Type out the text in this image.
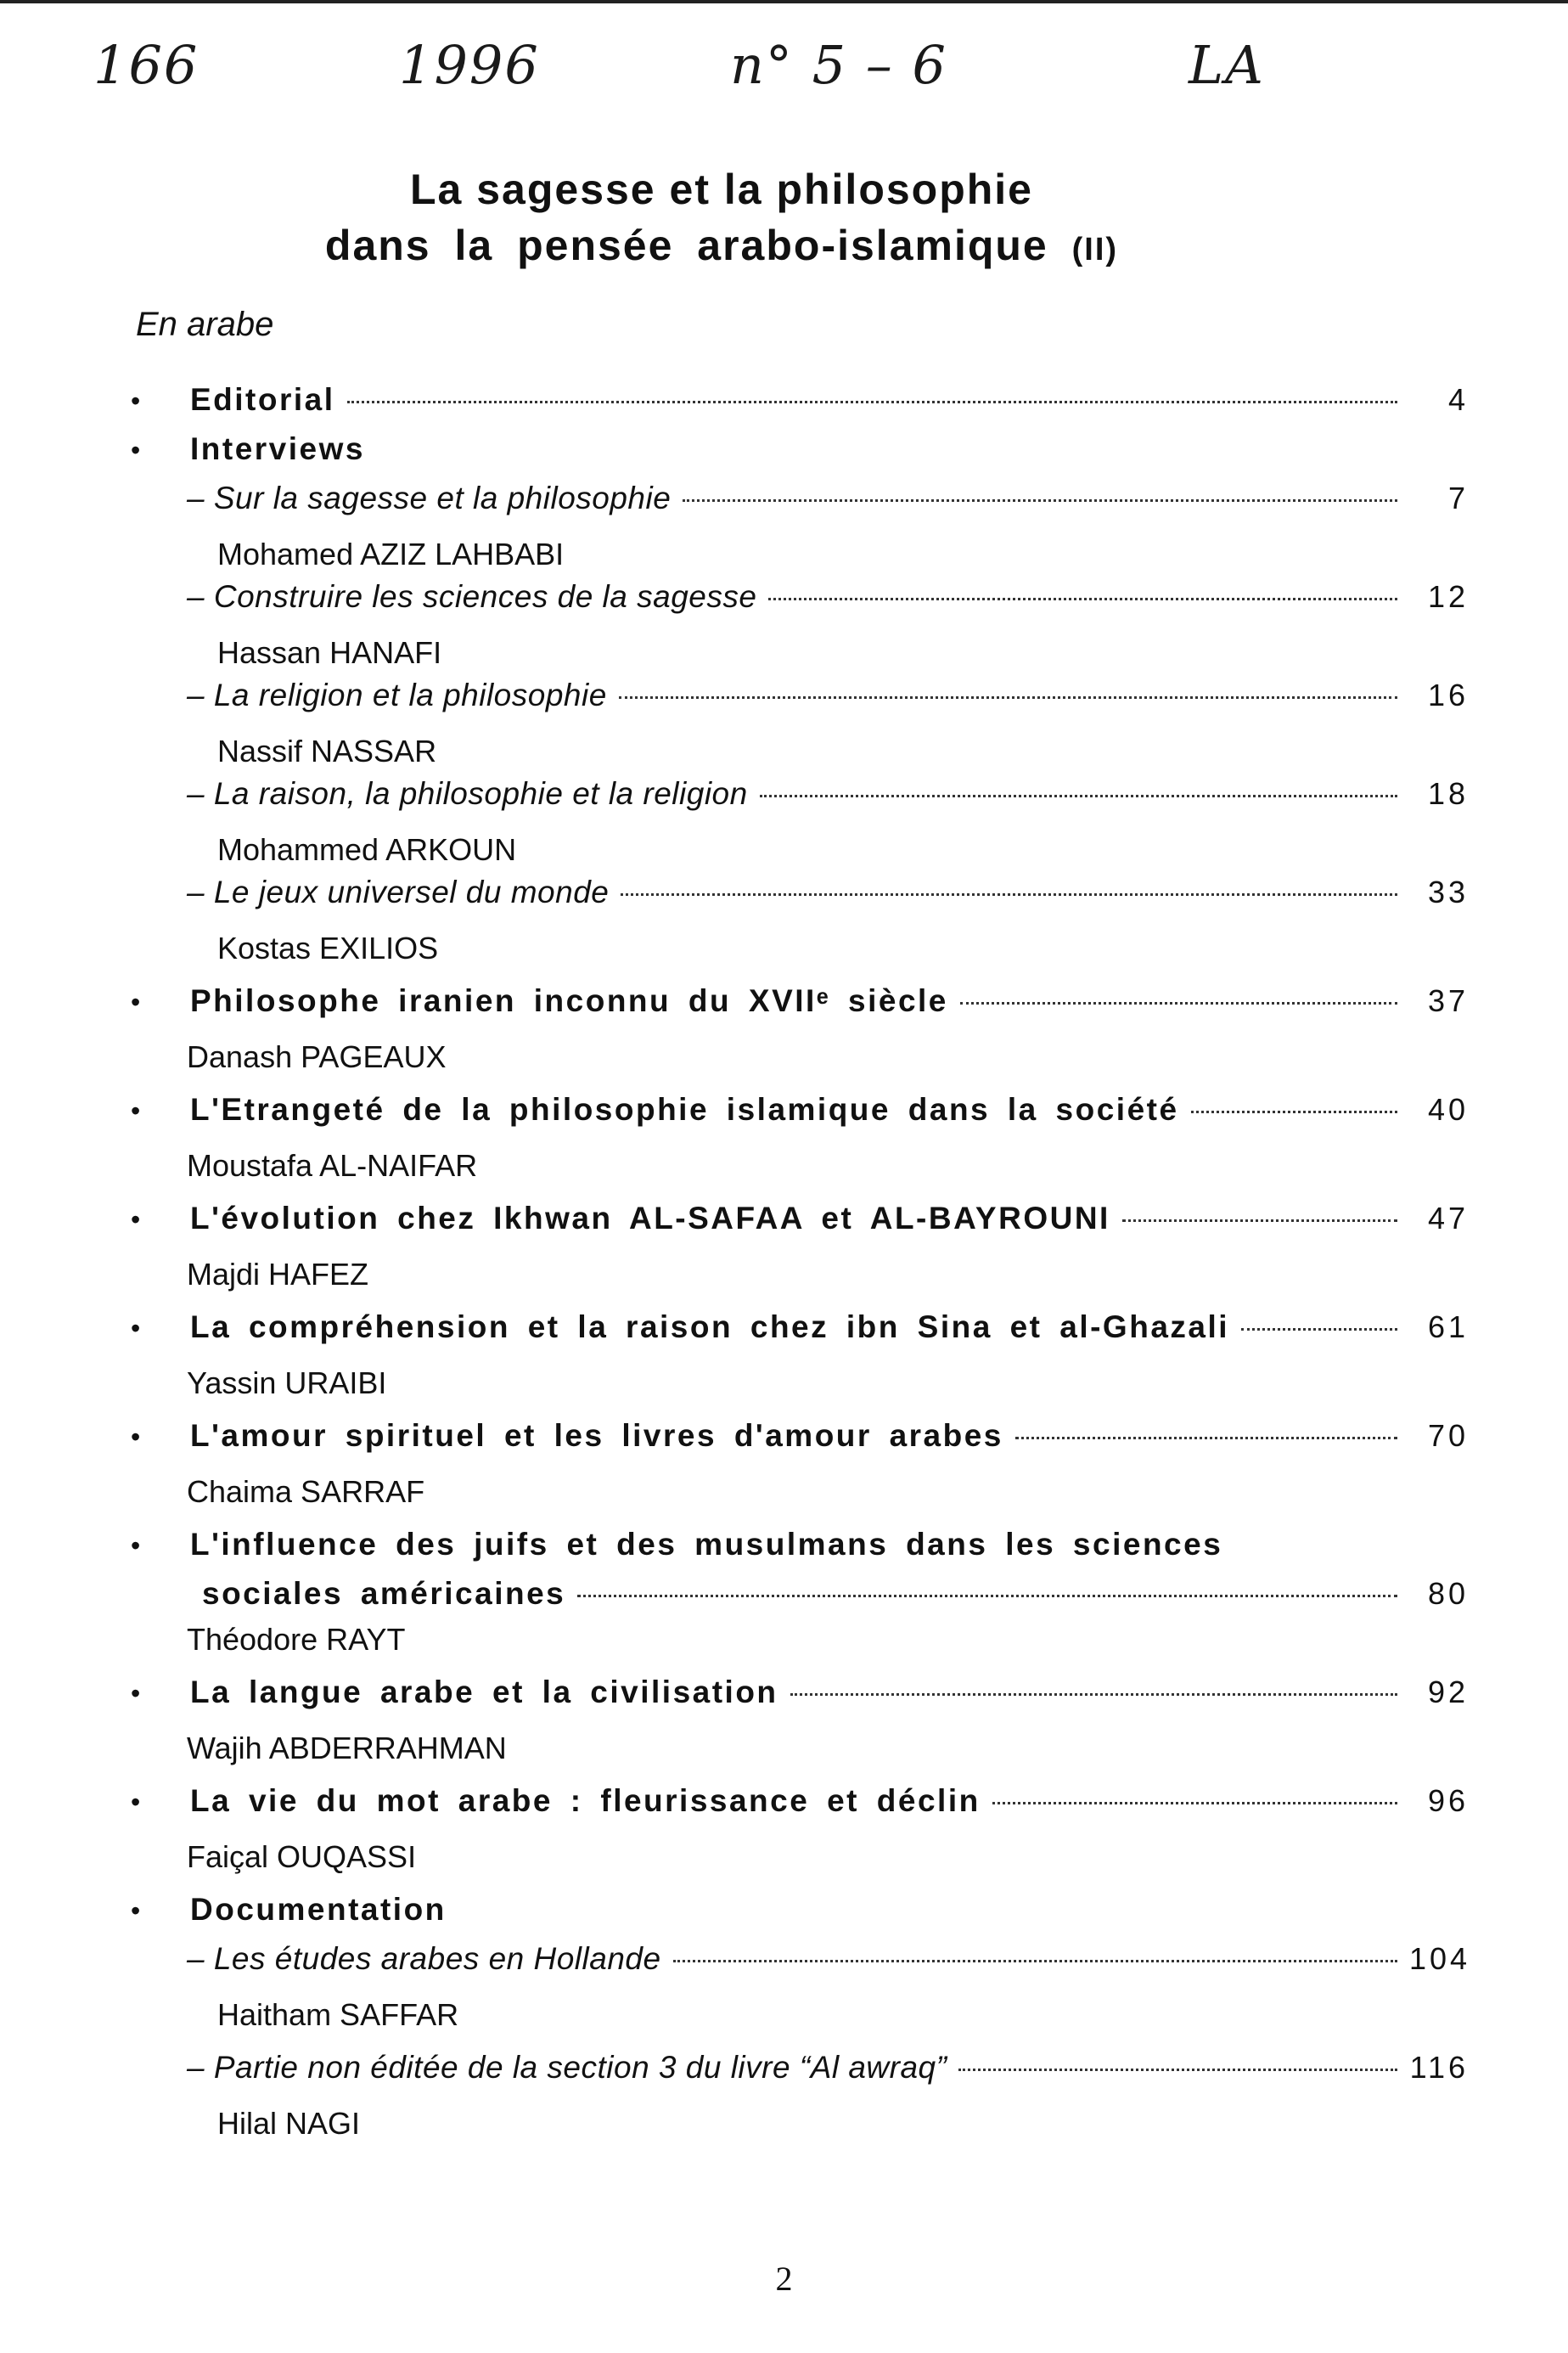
166	1996	n° 5 – 6	LA
La sagesse et la philosophie
dans la pensée arabo-islamique (II)
En arabe
•	Editorial	4
•	Interviews
– Sur la sagesse et la philosophie	7
Mohamed AZIZ LAHBABI
– Construire les sciences de la sagesse	12
Hassan HANAFI
– La religion et la philosophie	16
Nassif NASSAR
– La raison, la philosophie et la religion	18
Mohammed ARKOUN
– Le jeux universel du monde	33
Kostas EXILIOS
•	Philosophe iranien inconnu du XVIIᵉ siècle	37
Danash PAGEAUX
•	L'Etrangeté de la philosophie islamique dans la société	40
Moustafa AL-NAIFAR
•	L'évolution chez Ikhwan AL-SAFAA et AL-BAYROUNI	47
Majdi HAFEZ
•	La compréhension et la raison chez ibn Sina et al-Ghazali	61
Yassin URAIBI
•	L'amour spirituel et les livres d'amour arabes	70
Chaima SARRAF
•	L'influence des juifs et des musulmans dans les sciences
sociales américaines	80
Théodore RAYT
•	La langue arabe et la civilisation	92
Wajih ABDERRAHMAN
•	La vie du mot arabe : fleurissance et déclin	96
Faiçal OUQASSI
•	Documentation
– Les études arabes en Hollande	104
Haitham SAFFAR
– Partie non éditée de la section 3 du livre “Al awraq”	116
Hilal NAGI
2
